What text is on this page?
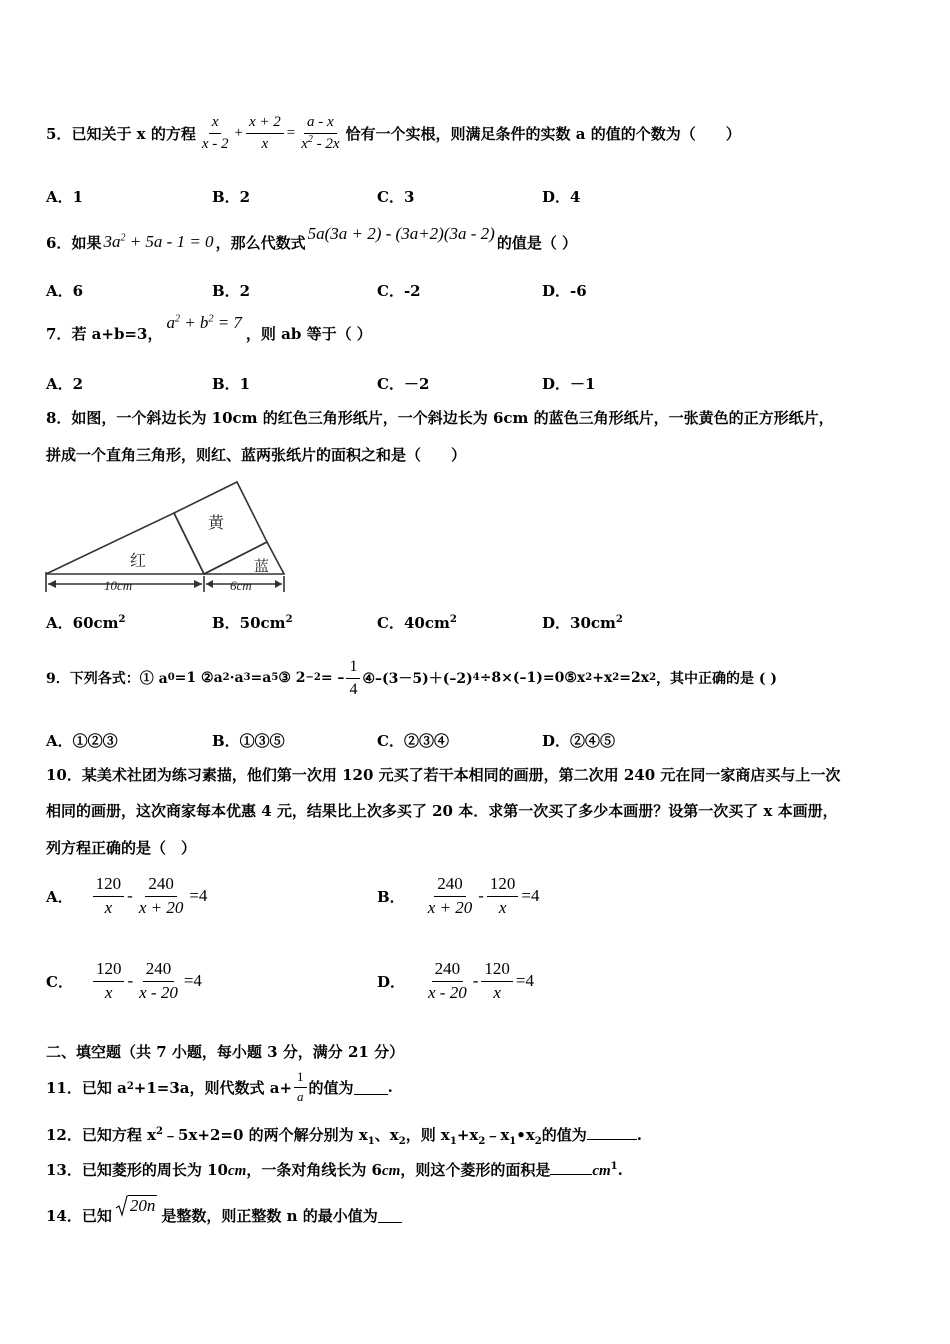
5． 已知关于 x 的方程 $\frac{x}{x - 2} + \frac{x + 2}{x} = \frac{a - x}{x^2 - 2x}$ 恰有一个实根，则满足条件的实数 a 的值的个数为（　　）
A．1	B．2	C．3	D．4
6． 如果 $3a^2 + 5a - 1 = 0$ ，那么代数式 5a(3a + 2) - (3a+2)(3a - 2) 的值是（ ）
A．6	B．2	C．-2	D．-6
7． 若 a+b=3，
$a^2 + b^2 = 7$
，则 ab 等于（ ）
A．2	B．1	C．－2	D．－1
8．如图，一个斜边长为 10cm 的红色三角形纸片，一个斜边长为 6cm 的蓝色三角形纸片，一张黄色的正方形纸片，
拼成一个直角三角形，则红、蓝两张纸片的面积之和是（　　）
红
黄
蓝
10cm	6cm
A．$60cm^2$	B．$50cm^2$	C．$40cm^2$	D．$30cm^2$
9． 下列各式：① a 0 =1 ②a 2 ·a 3 =a 5 ③ 2 −2 = – $\frac{1}{4}$ ④–(3－5)＋(–2) 4 ÷8×(–1)=0⑤x 2 +x 2 =2x 2 ，其中正确的是 ( )
A．①②③	B．①③⑤	C．②③④	D．②④⑤
10．某美术社团为练习素描，他们第一次用 120 元买了若干本相同的画册，第二次用 240 元在同一家商店买与上一次
相同的画册，这次商家每本优惠 4 元，结果比上次多买了 20 本．求第一次买了多少本画册？设第一次买了 x 本画册，
列方程正确的是（　）
A． $\frac{120}{x} - \frac{240}{x + 20} =4$	B． $\frac{240}{x + 20} - \frac{120}{x} =4$
C． $\frac{120}{x} - \frac{240}{x - 20} =4$	D． $\frac{240}{x - 20} - \frac{120}{x} =4$
二、填空题（共 7 小题，每小题 3 分，满分 21 分）
11．已知 a 2 +1=3a，则代数式 $a+ \frac{1}{a}$ 的值为 .
12．已知方程 $x^2﹣5x+2=0$ 的两个解分别为 $x_1$、$x_2$，则 $x_1+x_2﹣x_1•x_2$的值为	.
13．已知菱形的周长为 10cm，一条对角线长为 6cm，则这个菱形的面积是	$cm^1$.
14．已知
20n
是整数，则正整数 n 的最小值为
